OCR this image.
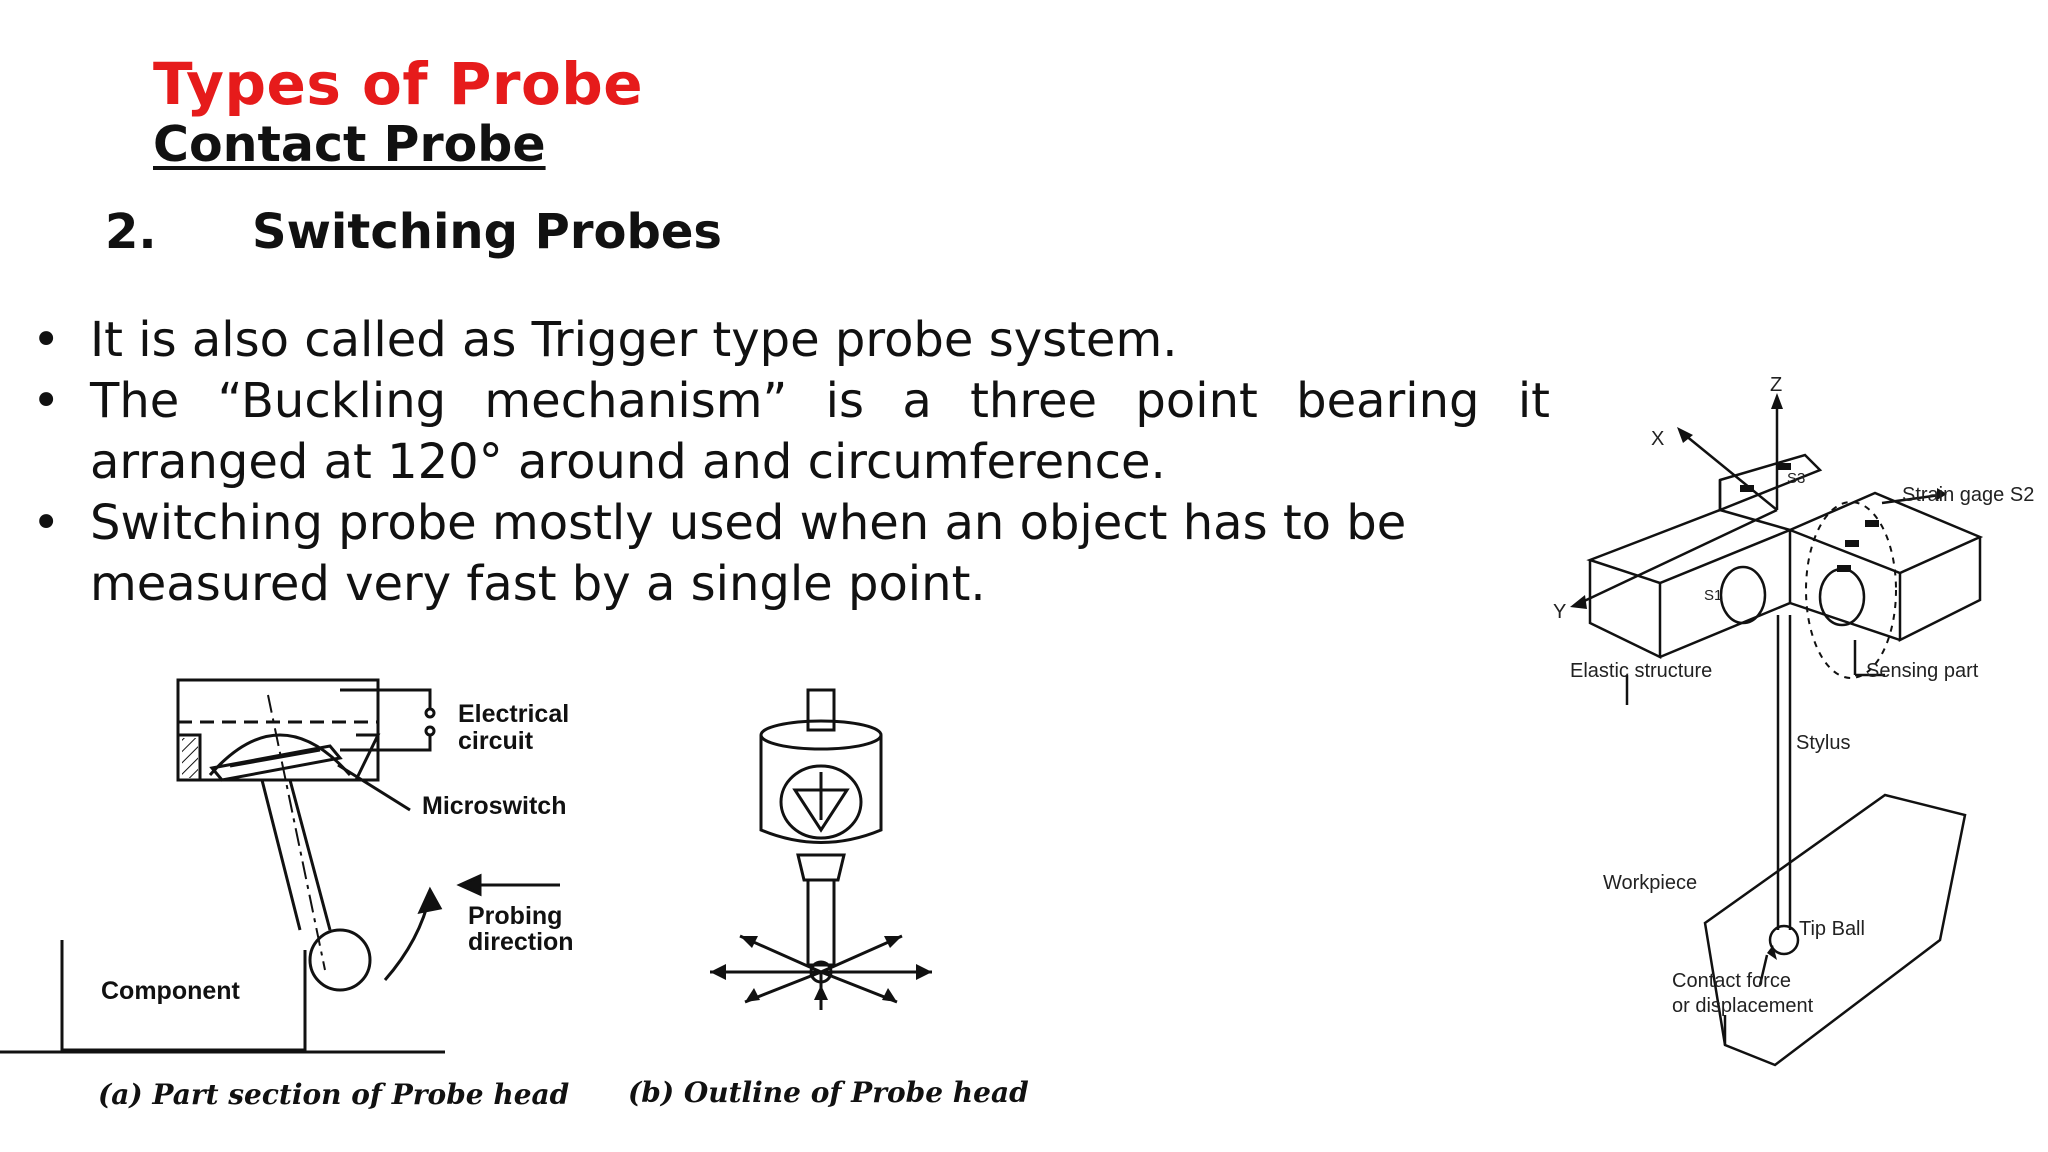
Types of Probe
Contact Probe
2. Switching Probes
• It is also called as Trigger type probe system.
• The “Buckling mechanism” is a three point bearing it
arranged at 120° around and circumference.
• Switching probe mostly used when an object has to be measured very fast by a single point.
Electrical
circuit
Microswitch
Probing
direction
Component
(a) Part section of Probe head (b) Outline of Probe head
Z
X
Y
S3
S1
Strain gage S2
Elastic structure	Sensing part
Stylus
Workpiece
Tip Ball
Contact force
or displacement
